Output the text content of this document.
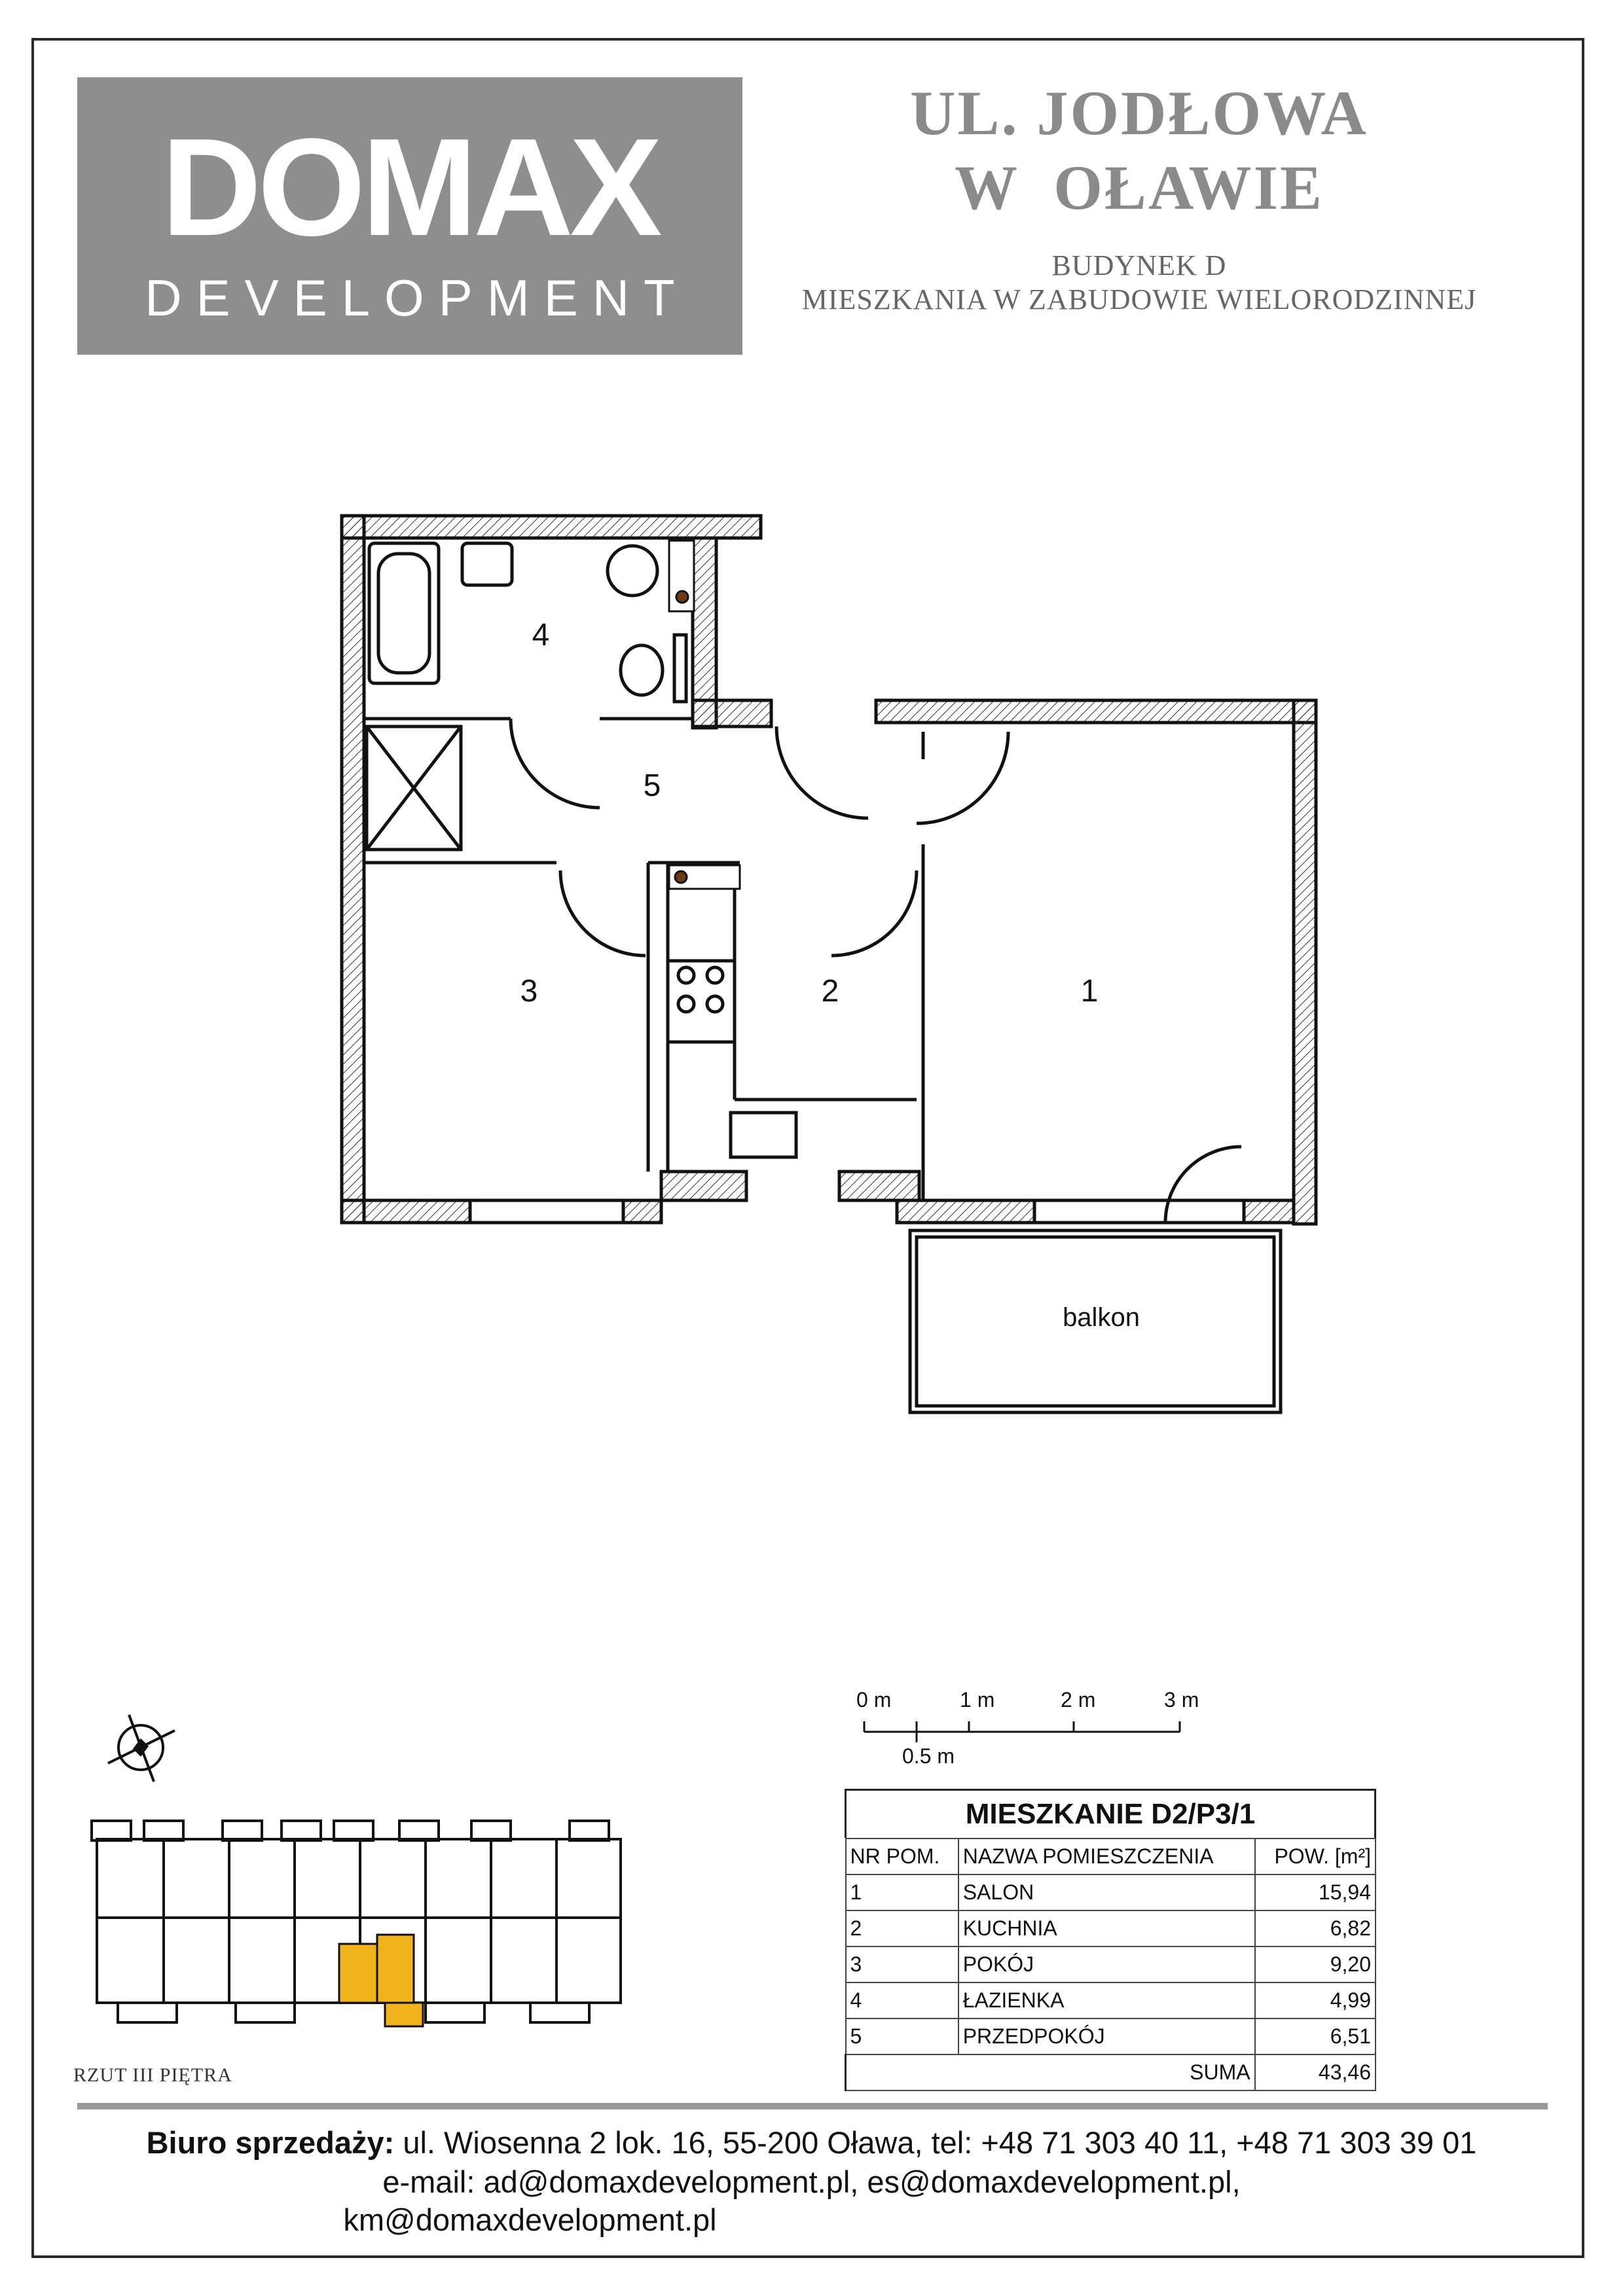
DOMAX
DEVELOPMENT
UL. JODŁOWA
W  OŁAWIE
BUDYNEK D
MIESZKANIA W ZABUDOWIE WIELORODZINNEJ
1
2
3
4
5
balkon
0 m	1 m	2 m	3 m
0.5 m
RZUT III PIĘTRA
MIESZKANIE D2/P3/1
NR POM.	NAZWA POMIESZCZENIA	POW. [m²]
1	SALON	15,94
2	KUCHNIA	6,82
3	POKÓJ	9,20
4	ŁAZIENKA	4,99
5	PRZEDPOKÓJ	6,51
SUMA		43,46
Biuro sprzedaży: ul. Wiosenna 2 lok. 16, 55-200 Oława, tel: +48 71 303 40 11, +48 71 303 39 01
e-mail: ad@domaxdevelopment.pl, es@domaxdevelopment.pl,
km@domaxdevelopment.pl
